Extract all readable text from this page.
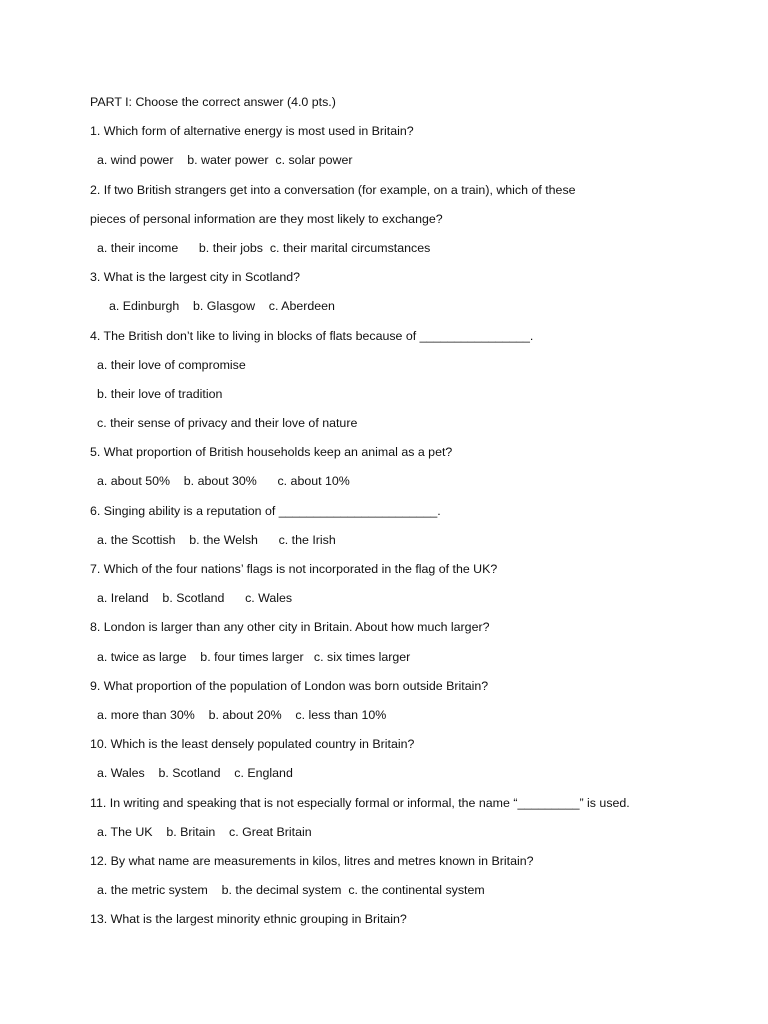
PART I: Choose the correct answer (4.0 pts.)
1. Which form of alternative energy is most used in Britain?
a. wind power    b. water power  c. solar power
2. If two British strangers get into a conversation (for example, on a train), which of these
pieces of personal information are they most likely to exchange?
a. their income      b. their jobs  c. their marital circumstances
3. What is the largest city in Scotland?
a. Edinburgh    b. Glasgow    c. Aberdeen
4. The British don’t like to living in blocks of flats because of ________________.
a. their love of compromise
b. their love of tradition
c. their sense of privacy and their love of nature
5. What proportion of British households keep an animal as a pet?
a. about 50%    b. about 30%      c. about 10%
6. Singing ability is a reputation of _______________________.
a. the Scottish    b. the Welsh      c. the Irish
7. Which of the four nations’ flags is not incorporated in the flag of the UK?
a. Ireland    b. Scotland      c. Wales
8. London is larger than any other city in Britain. About how much larger?
a. twice as large    b. four times larger   c. six times larger
9. What proportion of the population of London was born outside Britain?
a. more than 30%    b. about 20%    c. less than 10%
10. Which is the least densely populated country in Britain?
a. Wales    b. Scotland    c. England
11. In writing and speaking that is not especially formal or informal, the name “_________” is used.
a. The UK    b. Britain    c. Great Britain
12. By what name are measurements in kilos, litres and metres known in Britain?
a. the metric system    b. the decimal system  c. the continental system
13. What is the largest minority ethnic grouping in Britain?
